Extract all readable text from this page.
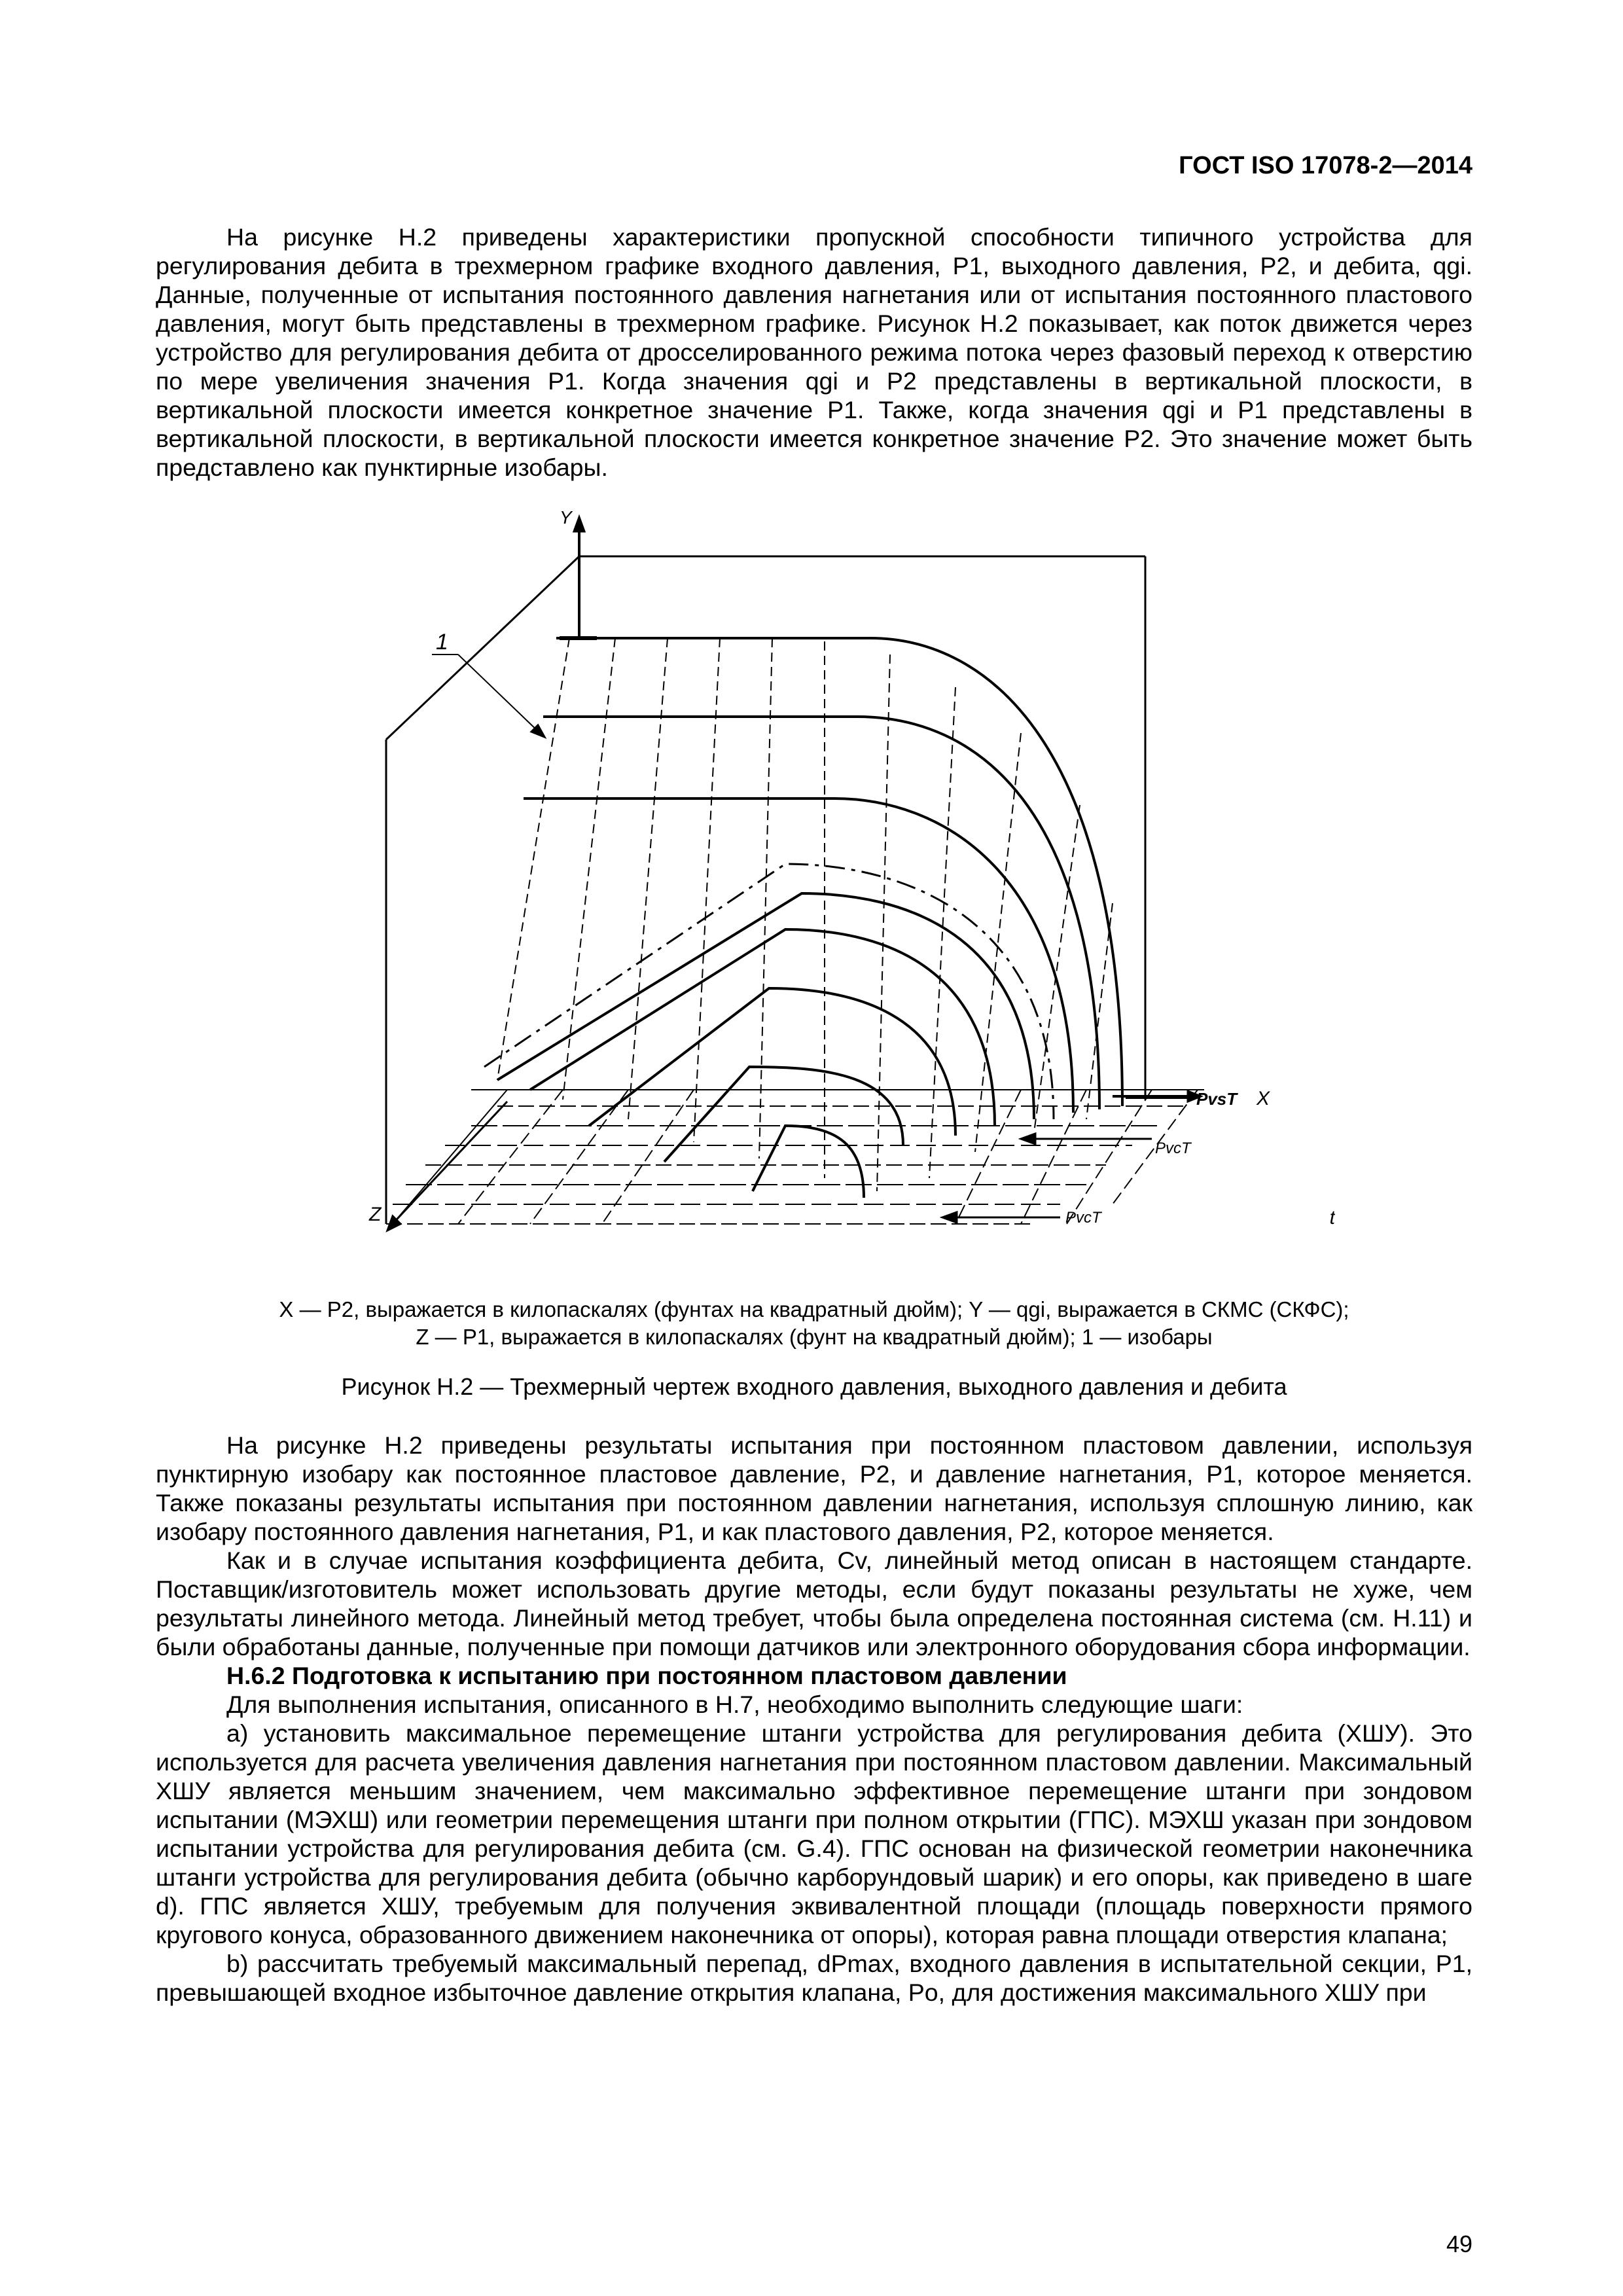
ГОСТ ISO 17078-2—2014

На рисунке Н.2 приведены характеристики пропускной способности типичного устройства для регулирования дебита в трехмерном графике входного давления, P1, выходного давления, P2, и дебита, qgi. Данные, полученные от испытания постоянного давления нагнетания или от испытания постоянного пластового давления, могут быть представлены в трехмерном графике. Рисунок Н.2 показывает, как поток движется через устройство для регулирования дебита от дросселированного режима потока через фазовый переход к отверстию по мере увеличения значения P1. Когда значения qgi и P2 представлены в вертикальной плоскости, в вертикальной плоскости имеется конкретное значение P1. Также, когда значения qgi и P1 представлены в вертикальной плоскости, в вертикальной плоскости имеется конкретное значение P2. Это значение может быть представлено как пунктирные изобары.

Y
X
Z	t
1
PvsT
PvcT
PvcT
X — P2, выражается в килопаскалях (фунтах на квадратный дюйм); Y — qgi, выражается в СКМС (СКФС);
Z — P1, выражается в килопаскалях (фунт на квадратный дюйм); 1 — изобары
Рисунок Н.2 — Трехмерный чертеж входного давления, выходного давления и дебита

На рисунке Н.2 приведены результаты испытания при постоянном пластовом давлении, используя пунктирную изобару как постоянное пластовое давление, P2, и давление нагнетания, P1, которое меняется. Также показаны результаты испытания при постоянном давлении нагнетания, используя сплошную линию, как изобару постоянного давления нагнетания, P1, и как пластового давления, P2, которое меняется.

Как и в случае испытания коэффициента дебита, Cv, линейный метод описан в настоящем стандарте. Поставщик/изготовитель может использовать другие методы, если будут показаны результаты не хуже, чем результаты линейного метода. Линейный метод требует, чтобы была определена постоянная система (см. Н.11) и были обработаны данные, полученные при помощи датчиков или электронного оборудования сбора информации.

Н.6.2 Подготовка к испытанию при постоянном пластовом давлении

Для выполнения испытания, описанного в Н.7, необходимо выполнить следующие шаги:

a) установить максимальное перемещение штанги устройства для регулирования дебита (ХШУ). Это используется для расчета увеличения давления нагнетания при постоянном пластовом давлении. Максимальный ХШУ является меньшим значением, чем максимально эффективное перемещение штанги при зондовом испытании (МЭХШ) или геометрии перемещения штанги при полном открытии (ГПС). МЭХШ указан при зондовом испытании устройства для регулирования дебита (см. G.4). ГПС основан на физической геометрии наконечника штанги устройства для регулирования дебита (обычно карборундовый шарик) и его опоры, как приведено в шаге d). ГПС является ХШУ, требуемым для получения эквивалентной площади (площадь поверхности прямого кругового конуса, образованного движением наконечника от опоры), которая равна площади отверстия клапана;

b) рассчитать требуемый максимальный перепад, dPmax, входного давления в испытательной секции, P1, превышающей входное избыточное давление открытия клапана, Po, для достижения максимального ХШУ при

49
